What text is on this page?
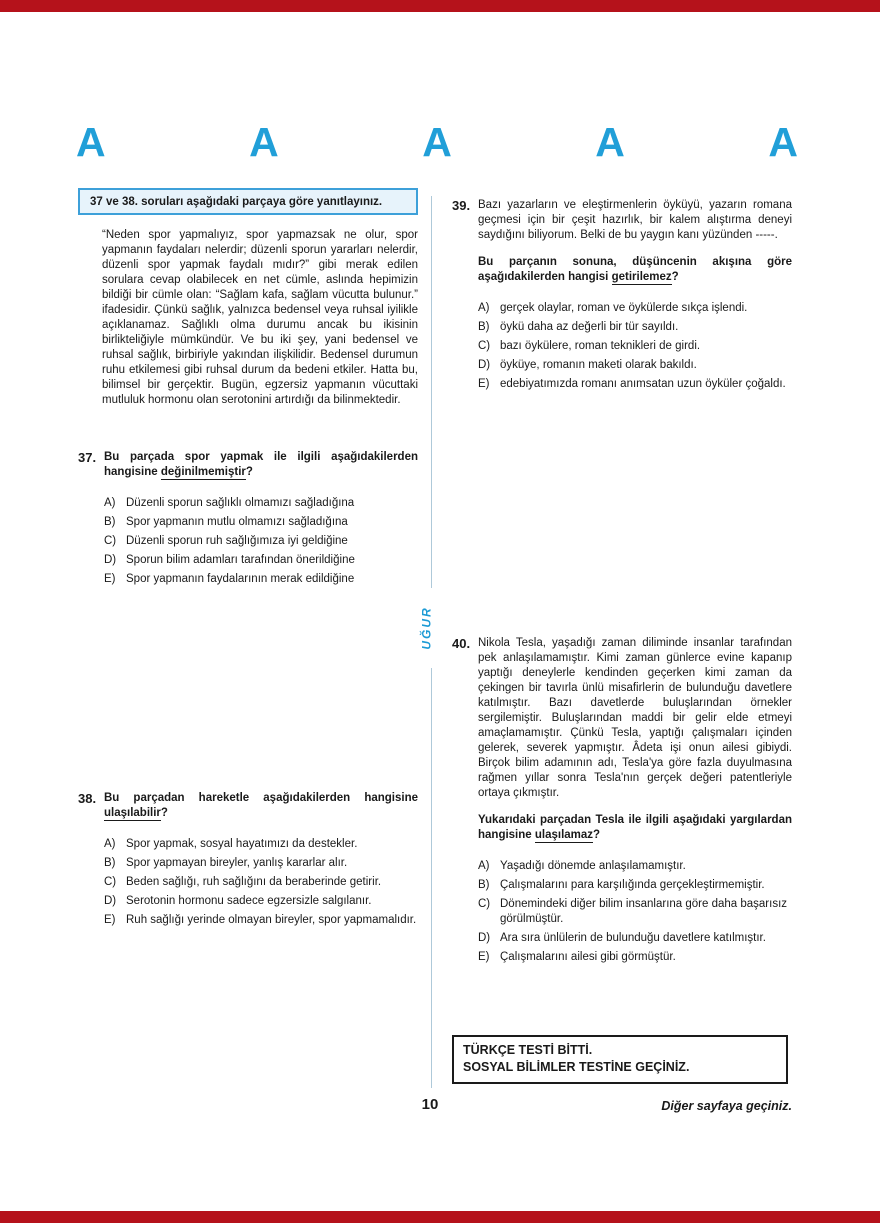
A	A	A	A	A
UĞUR
37 ve 38. soruları aşağıdaki parçaya göre yanıtlayınız.

“Neden spor yapmalıyız, spor yapmazsak ne olur, spor yapmanın faydaları nelerdir; düzenli sporun yararları nelerdir, düzenli spor yapmak faydalı mıdır?” gibi merak edilen sorulara cevap olabilecek en net cümle, aslında hepimizin bildiği bir cümle olan: “Sağlam kafa, sağlam vücutta bulunur.” ifadesidir. Çünkü sağlık, yalnızca bedensel veya ruhsal iyilikle açıklanamaz. Sağlıklı olma durumu ancak bu ikisinin birlikteliğiyle mümkündür. Ve bu iki şey, yani bedensel ve ruhsal sağlık, birbiriyle yakından ilişkilidir. Bedensel durumun ruhu etkilemesi gibi ruhsal durum da bedeni etkiler. Hatta bu, bilimsel bir gerçektir. Bugün, egzersiz yapmanın vücuttaki mutluluk hormonu olan serotonini artırdığı da bilinmektedir.

37. Bu parçada spor yapmak ile ilgili aşağıdakilerden hangisine değinilmemiştir?

A) Düzenli sporun sağlıklı olmamızı sağladığına
B) Spor yapmanın mutlu olmamızı sağladığına
C) Düzenli sporun ruh sağlığımıza iyi geldiğine
D) Sporun bilim adamları tarafından önerildiğine
E) Spor yapmanın faydalarının merak edildiğine
38. Bu parçadan hareketle aşağıdakilerden hangisine ulaşılabilir?

A) Spor yapmak, sosyal hayatımızı da destekler.
B) Spor yapmayan bireyler, yanlış kararlar alır.
C) Beden sağlığı, ruh sağlığını da beraberinde getirir.
D) Serotonin hormonu sadece egzersizle salgılanır.
E) Ruh sağlığı yerinde olmayan bireyler, spor yapmamalıdır.
39. Bazı yazarların ve eleştirmenlerin öyküyü, yazarın romana geçmesi için bir çeşit hazırlık, bir kalem alıştırma deneyi saydığını biliyorum. Belki de bu yaygın kanı yüzünden -----.

Bu parçanın sonuna, düşüncenin akışına göre aşağıdakilerden hangisi getirilemez?

A) gerçek olaylar, roman ve öykülerde sıkça işlendi.
B) öykü daha az değerli bir tür sayıldı.
C) bazı öykülere, roman teknikleri de girdi.
D) öyküye, romanın maketi olarak bakıldı.
E) edebiyatımızda romanı anımsatan uzun öyküler çoğaldı.
40. Nikola Tesla, yaşadığı zaman diliminde insanlar tarafından pek anlaşılamamıştır. Kimi zaman günlerce evine kapanıp yaptığı deneylerle kendinden geçerken kimi zaman da çekingen bir tavırla ünlü misafirlerin de bulunduğu davetlere katılmıştır. Bazı davetlerde buluşlarından örnekler sergilemiştir. Buluşlarından maddi bir gelir elde etmeyi amaçlamamıştır. Çünkü Tesla, yaptığı çalışmaları içinden gelerek, severek yapmıştır. Âdeta işi onun ailesi gibiydi. Birçok bilim adamının adı, Tesla'ya göre fazla duyulmasına rağmen yıllar sonra Tesla'nın gerçek değeri patentleriyle ortaya çıkmıştır.

Yukarıdaki parçadan Tesla ile ilgili aşağıdaki yargılardan hangisine ulaşılamaz?

A) Yaşadığı dönemde anlaşılamamıştır.
B) Çalışmalarını para karşılığında gerçekleştirmemiştir.
C) Dönemindeki diğer bilim insanlarına göre daha başarısız görülmüştür.
D) Ara sıra ünlülerin de bulunduğu davetlere katılmıştır.
E) Çalışmalarını ailesi gibi görmüştür.
TÜRKÇE TESTİ BİTTİ.
SOSYAL BİLİMLER TESTİNE GEÇİNİZ.
10	Diğer sayfaya geçiniz.
